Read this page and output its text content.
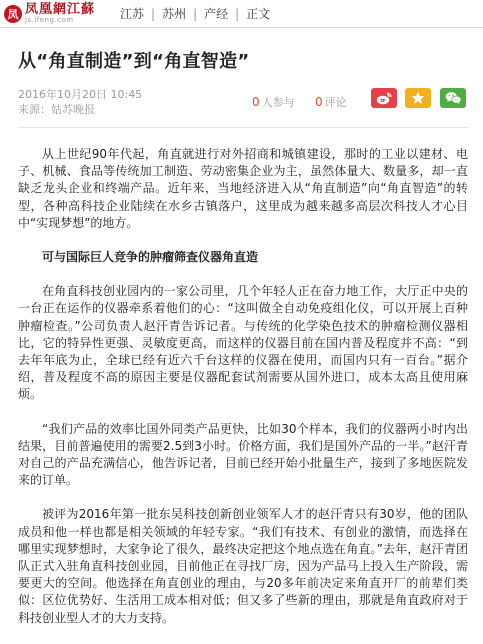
凤 凤凰網江蘇
js.ifeng.com	江苏 | 苏州 | 产经 | 正文
从“角直制造”到“角直智造”
2016年10月20日 10:45
来源：姑苏晚报
0 人参与 0 评论

从上世纪90年代起，角直就进行对外招商和城镇建设，那时的工业以建材、电子、机械、食品等传统加工制造、劳动密集企业为主，虽然体量大、数量多，却一直缺乏龙头企业和终端产品。近年来，当地经济进入从“角直制造”向“角直智造”的转型，各种高科技企业陆续在水乡古镇落户，这里成为越来越多高层次科技人才心目中“实现梦想”的地方。

可与国际巨人竞争的肿瘤筛查仪器角直造

在角直科技创业园内的一家公司里，几个年轻人正在奋力地工作，大厅正中央的一台正在运作的仪器牵系着他们的心：“这叫做全自动免疫组化仪，可以开展上百种肿瘤检查。”公司负责人赵汗青告诉记者。与传统的化学染色技术的肿瘤检测仪器相比，它的特异性更强、灵敏度更高，而这样的仪器目前在国内普及程度并不高：“到去年年底为止，全球已经有近六千台这样的仪器在使用，而国内只有一百台。”据介绍，普及程度不高的原因主要是仪器配套试剂需要从国外进口，成本太高且使用麻烦。

“我们产品的效率比国外同类产品更快，比如30个样本，我们的仪器两小时内出结果，目前普遍使用的需要2.5到3小时。价格方面，我们是国外产品的一半。”赵汗青对自己的产品充满信心，他告诉记者，目前已经开始小批量生产，接到了多地医院发来的订单。

被评为2016年第一批东吴科技创新创业领军人才的赵汗青只有30岁，他的团队成员和他一样也都是相关领域的年轻专家。“我们有技术、有创业的激情，而选择在哪里实现梦想时，大家争论了很久，最终决定把这个地点选在角直。”去年，赵汗青团队正式入驻角直科技创业园，目前他正在寻找厂房，因为产品马上投入生产阶段，需要更大的空间。他选择在角直创业的理由，与20多年前决定来角直开厂的前辈们类似：区位优势好、生活用工成本相对低；但又多了些新的理由，那就是角直政府对于科技创业型人才的大力支持。
